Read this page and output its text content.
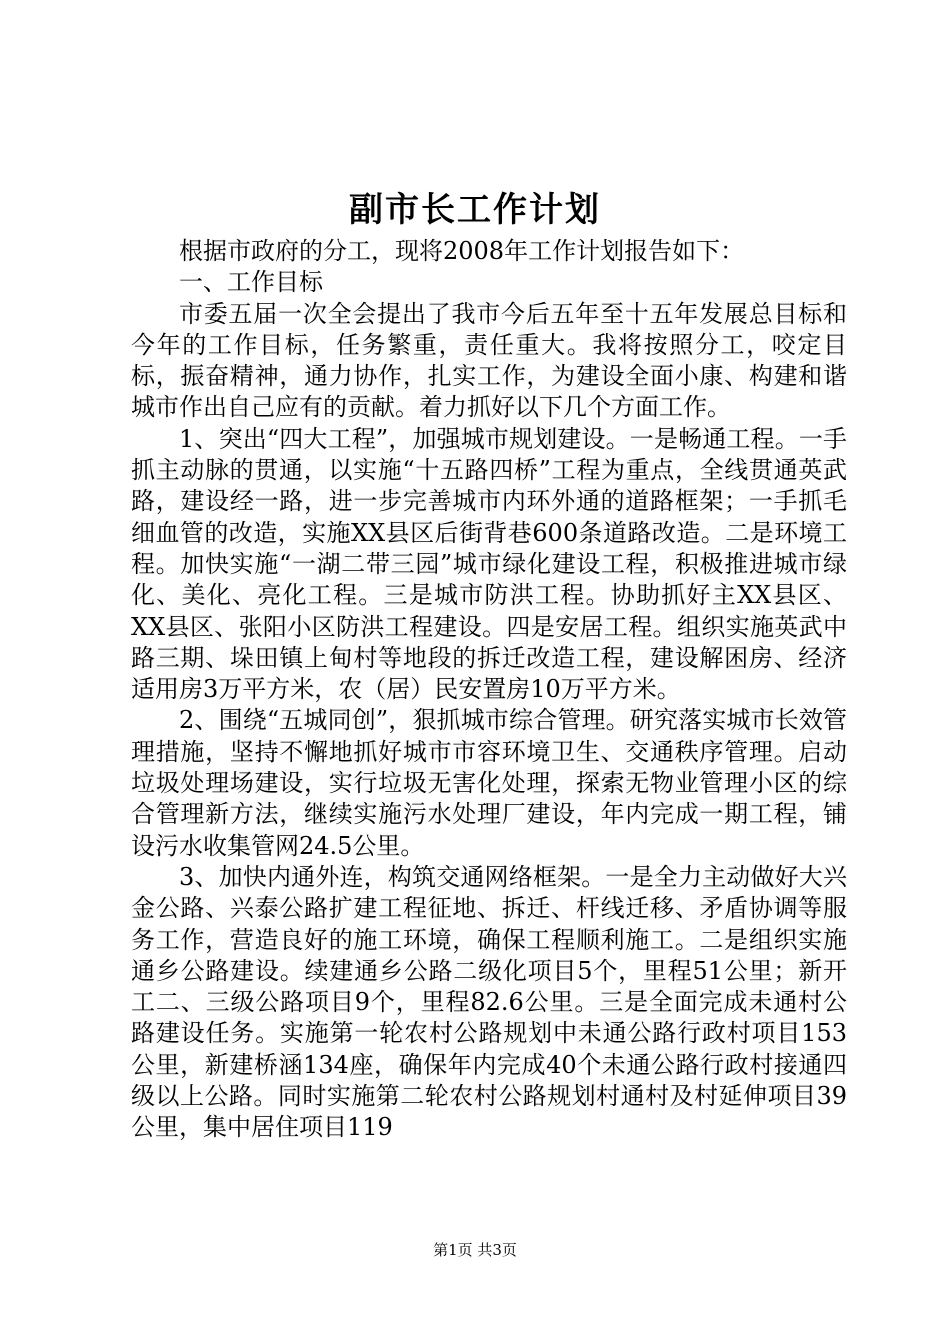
副市长工作计划

根据市政府的分工，现将2008年工作计划报告如下：

一、工作目标

市委五届一次全会提出了我市今后五年至十五年发展总目标和今年的工作目标，任务繁重，责任重大。我将按照分工，咬定目标，振奋精神，通力协作，扎实工作，为建设全面小康、构建和谐城市作出自己应有的贡献。着力抓好以下几个方面工作。

1、突出“四大工程”，加强城市规划建设。一是畅通工程。一手抓主动脉的贯通，以实施“十五路四桥”工程为重点，全线贯通英武路，建设经一路，进一步完善城市内环外通的道路框架；一手抓毛细血管的改造，实施XX县区后街背巷600条道路改造。二是环境工程。加快实施“一湖二带三园”城市绿化建设工程，积极推进城市绿化、美化、亮化工程。三是城市防洪工程。协助抓好主XX县区、XX县区、张阳小区防洪工程建设。四是安居工程。组织实施英武中路三期、垛田镇上甸村等地段的拆迁改造工程，建设解困房、经济适用房3万平方米，农（居）民安置房10万平方米。

2、围绕“五城同创”，狠抓城市综合管理。研究落实城市长效管理措施，坚持不懈地抓好城市市容环境卫生、交通秩序管理。启动垃圾处理场建设，实行垃圾无害化处理，探索无物业管理小区的综合管理新方法，继续实施污水处理厂建设，年内完成一期工程，铺设污水收集管网24.5公里。

3、加快内通外连，构筑交通网络框架。一是全力主动做好大兴金公路、兴泰公路扩建工程征地、拆迁、杆线迁移、矛盾协调等服务工作，营造良好的施工环境，确保工程顺利施工。二是组织实施通乡公路建设。续建通乡公路二级化项目5个，里程51公里；新开工二、三级公路项目9个，里程82.6公里。三是全面完成未通村公路建设任务。实施第一轮农村公路规划中未通公路行政村项目153公里，新建桥涵134座，确保年内完成40个未通公路行政村接通四级以上公路。同时实施第二轮农村公路规划村通村及村延伸项目39公里，集中居住项目119

第1页 共3页
